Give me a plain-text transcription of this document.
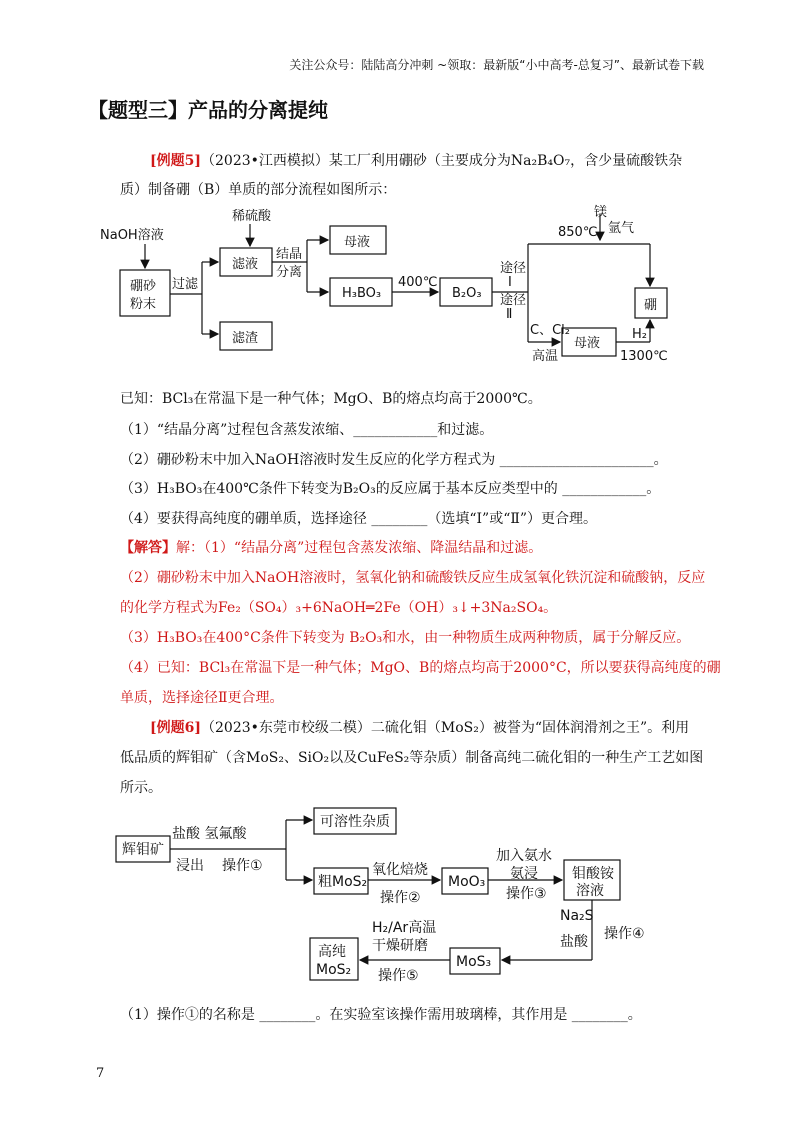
关注公众号：陆陆高分冲刺 ~领取：最新版“小中高考-总复习”、最新试卷下载
【题型三】产品的分离提纯
[例题5]（2023•江西模拟）某工厂利用硼砂（主要成分为Na₂B₄O₇，含少量硫酸铁杂
质）制备硼（B）单质的部分流程如图所示：
NaOH溶液
硼砂
粉末
过滤
稀硫酸
滤液
滤渣
结晶
分离
母液
H₃BO₃
400℃
B₂O₃
途径
Ⅰ
途径
Ⅱ
镁
850℃ 氩气
硼
C、Cl₂
高温
母液
H₂
1300℃
已知：BCl₃在常温下是一种气体；MgO、B的熔点均高于2000℃。
（1）“结晶分离”过程包含蒸发浓缩、____________和过滤。
（2）硼砂粉末中加入NaOH溶液时发生反应的化学方程式为 ______________________。
（3）H₃BO₃在400℃条件下转变为B₂O₃的反应属于基本反应类型中的 ____________。
（4）要获得高纯度的硼单质，选择途径 ________（选填“Ⅰ”或“Ⅱ”）更合理。
【解答】解：（1）“结晶分离”过程包含蒸发浓缩、降温结晶和过滤。
（2）硼砂粉末中加入NaOH溶液时，氢氧化钠和硫酸铁反应生成氢氧化铁沉淀和硫酸钠，反应
的化学方程式为Fe₂（SO₄）₃+6NaOH═2Fe（OH）₃↓+3Na₂SO₄。
（3）H₃BO₃在400°C条件下转变为 B₂O₃和水，由一种物质生成两种物质，属于分解反应。
（4）已知：BCl₃在常温下是一种气体；MgO、B的熔点均高于2000°C，所以要获得高纯度的硼
单质，选择途径Ⅱ更合理。
[例题6]（2023•东莞市校级二模）二硫化钼（MoS₂）被誉为“固体润滑剂之王”。利用
低品质的辉钼矿（含MoS₂、SiO₂以及CuFeS₂等杂质）制备高纯二硫化钼的一种生产工艺如图
所示。
辉钼矿
盐酸 氢氟酸
浸出 操作①
可溶性杂质
粗MoS₂
氧化焙烧
操作②
MoO₃
加入氨水
氨浸
操作③
钼酸铵
溶液
Na₂S
盐酸 操作④
MoS₃
H₂/Ar高温
干燥研磨
操作⑤
高纯
MoS₂
（1）操作①的名称是 ________。在实验室该操作需用玻璃棒，其作用是 ________。
7
